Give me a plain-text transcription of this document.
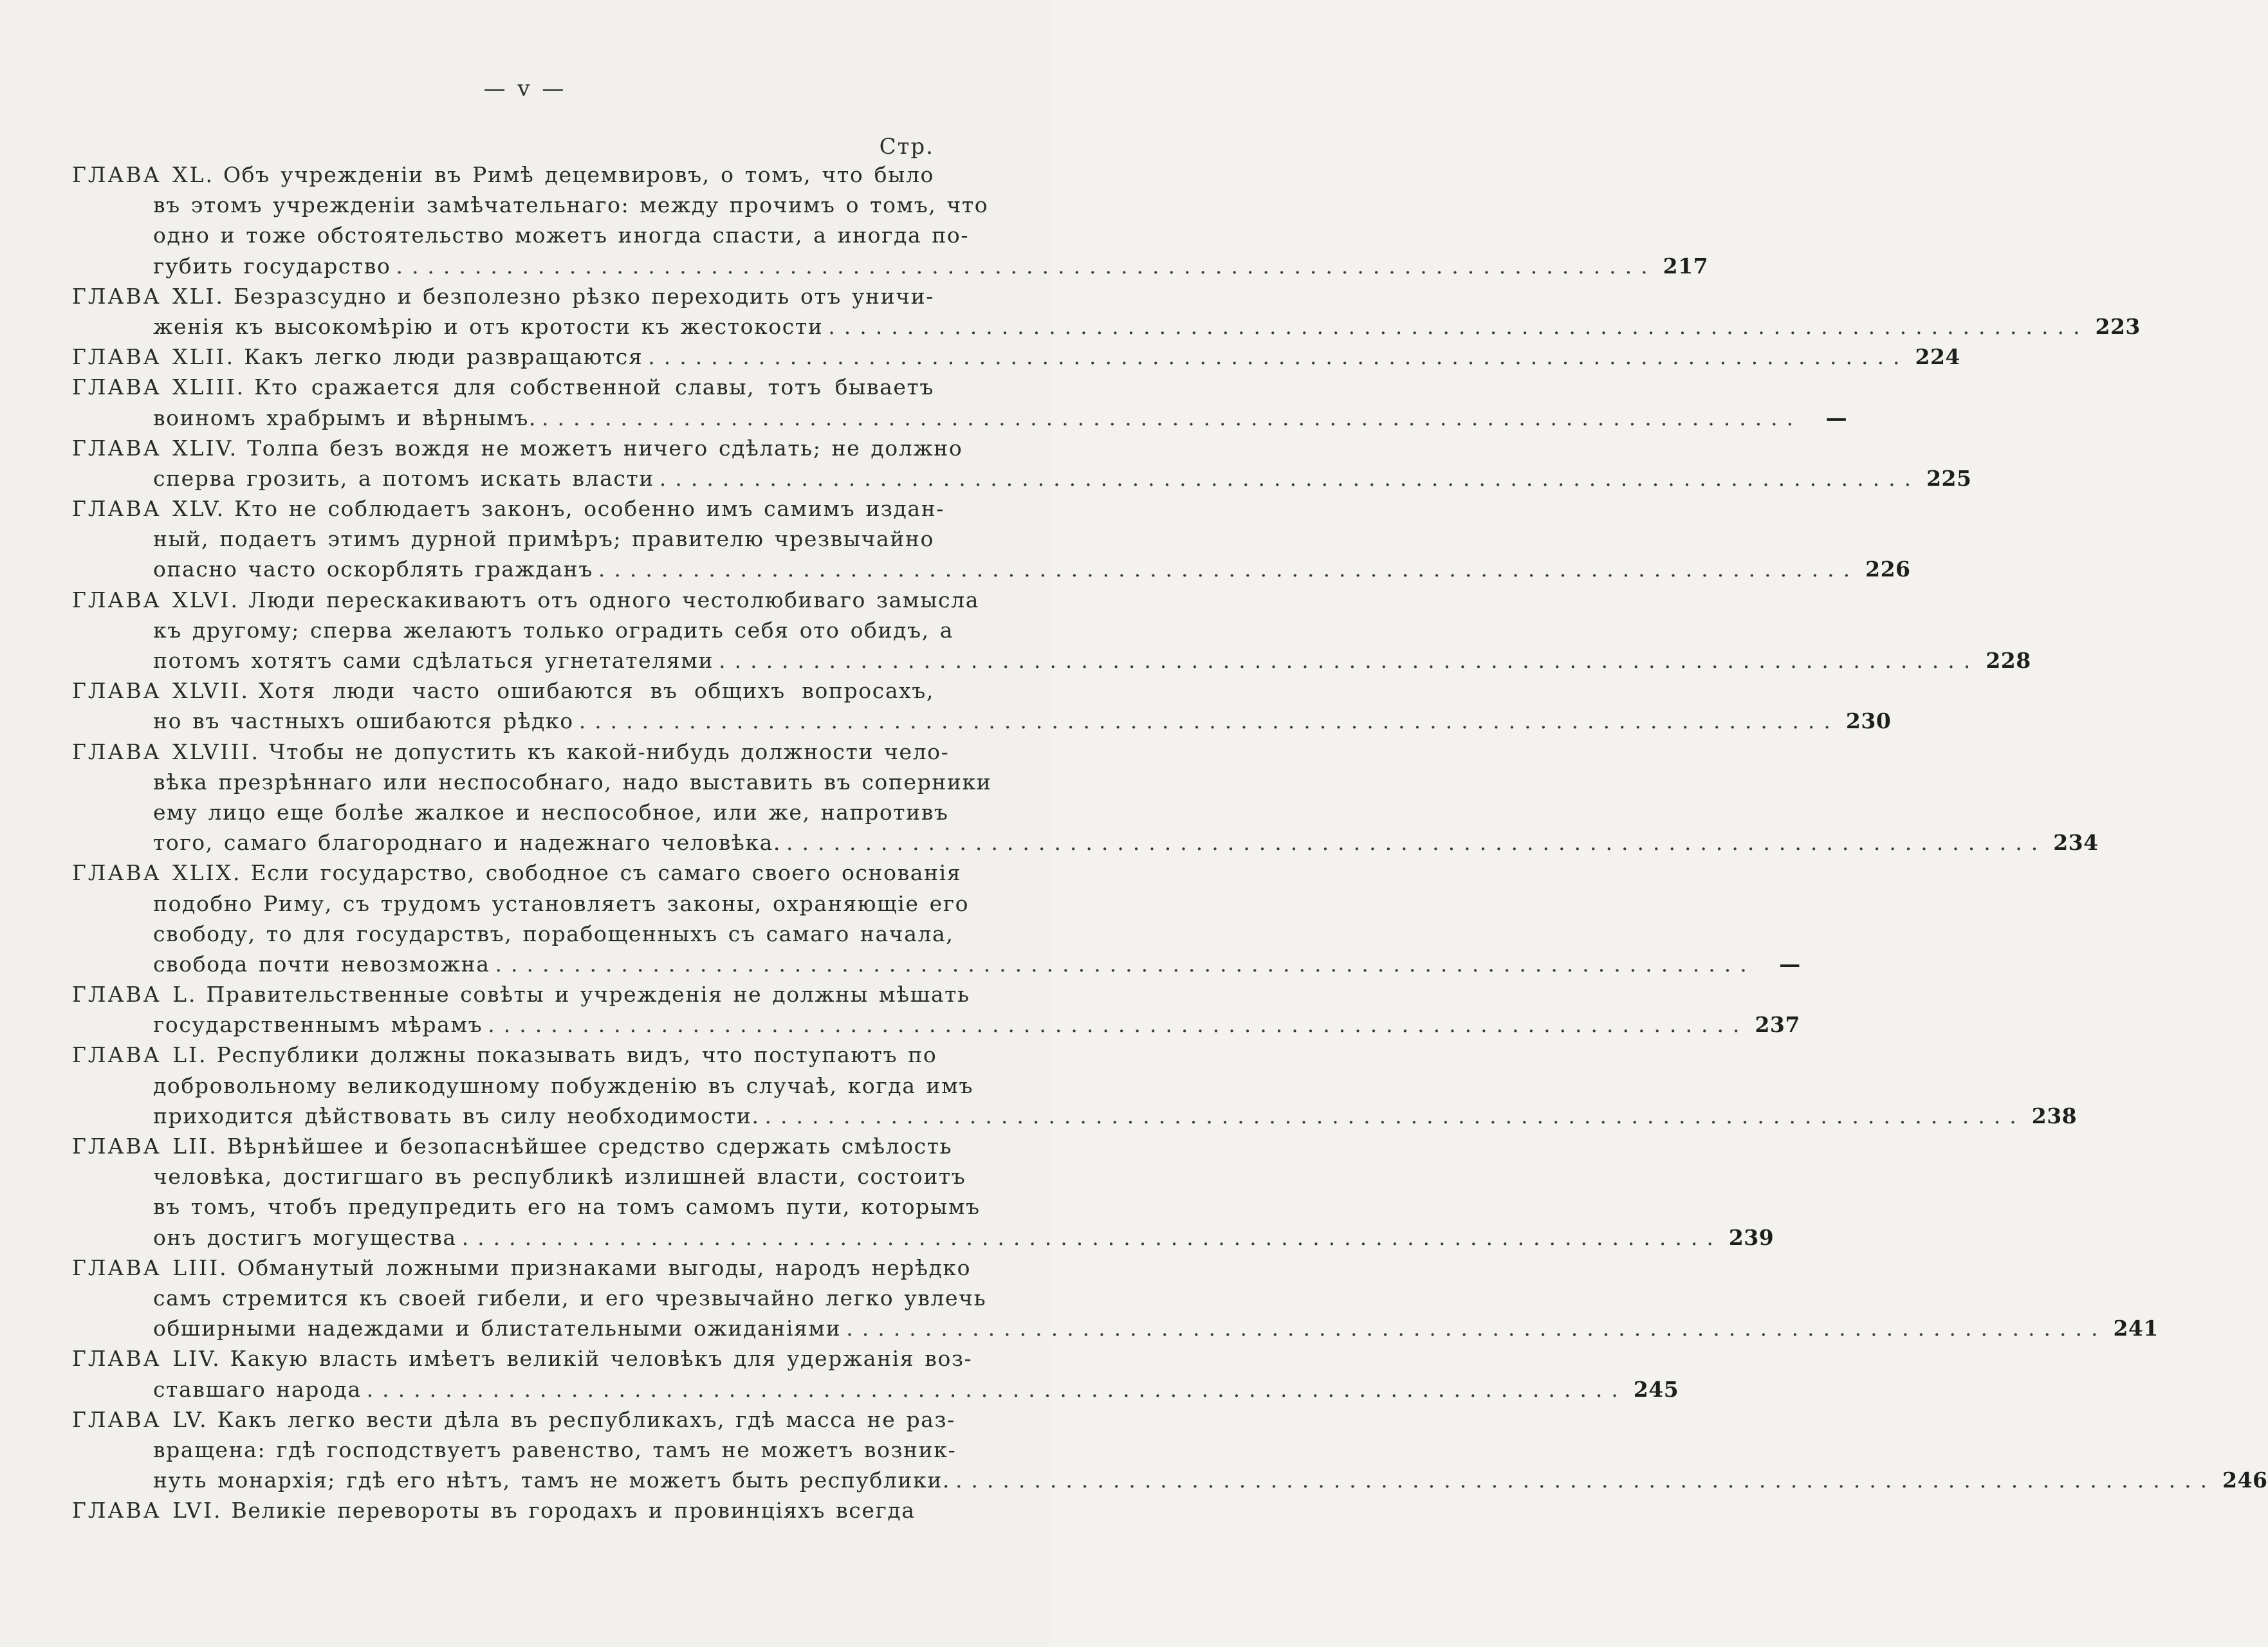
— v —
Стр.
ГЛАВА XL. Объ учрежденіи въ Римѣ децемвировъ, о томъ, что было
въ этомъ учрежденіи замѣчательнаго: между прочимъ о томъ, что
одно и тоже обстоятельство можетъ иногда спасти, а иногда по-
губить государство ................................................................................ 217
ГЛАВА XLI. Безразсудно и безполезно рѣзко переходить отъ уничи-
женія къ высокомѣрію и отъ кротости къ жестокости ................................................................................ 223
ГЛАВА XLII. Какъ легко люди развращаются ................................................................................ 224
ГЛАВА XLIII. Кто сражается для собственной славы, тотъ бываетъ
воиномъ храбрымъ и вѣрнымъ. ................................................................................	—
ГЛАВА XLIV. Толпа безъ вождя не можетъ ничего сдѣлать; не должно
сперва грозить, а потомъ искать власти ................................................................................ 225
ГЛАВА XLV. Кто не соблюдаетъ законъ, особенно имъ самимъ издан-
ный, подаетъ этимъ дурной примѣръ; правителю чрезвычайно
опасно часто оскорблять гражданъ ................................................................................ 226
ГЛАВА XLVI. Люди перескакиваютъ отъ одного честолюбиваго замысла
къ другому; сперва желаютъ только оградить себя ото обидъ, а
потомъ хотятъ сами сдѣлаться угнетателями ................................................................................ 228
ГЛАВА XLVII. Хотя люди часто ошибаются въ общихъ вопросахъ,
но въ частныхъ ошибаются рѣдко ................................................................................ 230
ГЛАВА XLVIII. Чтобы не допустить къ какой-нибудь должности чело-
вѣка презрѣннаго или неспособнаго, надо выставить въ соперники
ему лицо еще болѣе жалкое и неспособное, или же, напротивъ
того, самаго благороднаго и надежнаго человѣка. ................................................................................ 234
ГЛАВА XLIX. Если государство, свободное съ самаго своего основанія
подобно Риму, съ трудомъ установляетъ законы, охраняющіе его
свободу, то для государствъ, порабощенныхъ съ самаго начала,
свобода почти невозможна ................................................................................	—
ГЛАВА L. Правительственные совѣты и учрежденія не должны мѣшать
государственнымъ мѣрамъ ................................................................................ 237
ГЛАВА LI. Республики должны показывать видъ, что поступаютъ по
добровольному великодушному побужденію въ случаѣ, когда имъ
приходится дѣйствовать въ силу необходимости. ................................................................................ 238
ГЛАВА LII. Вѣрнѣйшее и безопаснѣйшее средство сдержать смѣлость
человѣка, достигшаго въ республикѣ излишней власти, состоитъ
въ томъ, чтобъ предупредить его на томъ самомъ пути, которымъ
онъ достигъ могущества ................................................................................ 239
ГЛАВА LIII. Обманутый ложными признаками выгоды, народъ нерѣдко
самъ стремится къ своей гибели, и его чрезвычайно легко увлечь
обширными надеждами и блистательными ожиданіями ................................................................................ 241
ГЛАВА LIV. Какую власть имѣетъ великій человѣкъ для удержанія воз-
ставшаго народа ................................................................................ 245
ГЛАВА LV. Какъ легко вести дѣла въ республикахъ, гдѣ масса не раз-
вращена: гдѣ господствуетъ равенство, тамъ не можетъ возник-
нуть монархія; гдѣ его нѣтъ, тамъ не можетъ быть республики. ................................................................................ 246
ГЛАВА LVI. Великіе перевороты въ городахъ и провинціяхъ всегда
